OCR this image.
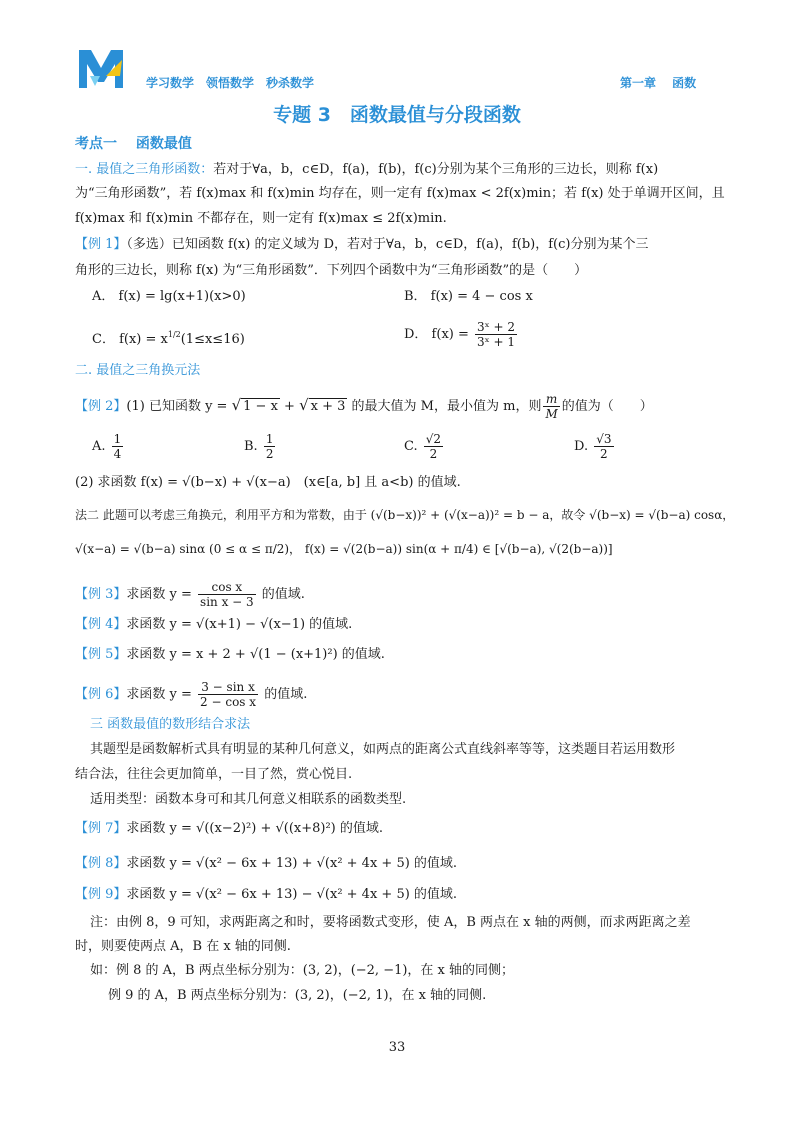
学习数学　领悟数学　秒杀数学	第一章　 函数
专题 3　函数最值与分段函数
考点一　 函数最值
一. 最值之三角形函数：若对于∀a，b，c∈D，f(a)，f(b)，f(c)分别为某个三角形的三边长，则称 f(x)
为“三角形函数”，若 f(x)max 和 f(x)min 均存在，则一定有 f(x)max < 2f(x)min；若 f(x) 处于单调开区间，且
f(x)max 和 f(x)min 不都存在，则一定有 f(x)max ≤ 2f(x)min.
【例 1】（多选）已知函数 f(x) 的定义域为 D，若对于∀a，b，c∈D，f(a)，f(b)，f(c)分别为某个三
角形的三边长，则称 f(x) 为“三角形函数”．下列四个函数中为“三角形函数”的是（　　）
A． f(x) = lg(x+1)(x>0)	B． f(x) = 4 − cos x
C． $f(x) = x^{1/2}(1\le x\le 16)$	D． $f(x) = \frac{\text{3ˣ + 2}}{\text{3ˣ + 1}}$
二. 最值之三角换元法
【例 2】(1) 已知函数 y = √ 1 − x + √ x + 3 的最大值为 M，最小值为 m，则 $\frac{m}{M}$ 的值为（　　）
A. $\frac{1}{4}$	B. $\frac{1}{2}$	C. $\frac{√2}{2}$	D. $\frac{√3}{2}$
(2) 求函数 f(x) = √(b−x) + √(x−a)　(x∈[a, b] 且 a<b) 的值域.
法二 此题可以考虑三角换元，利用平方和为常数，由于 (√(b−x))² + (√(x−a))² = b − a，故令 √(b−x) = √(b−a) cosα，
√(x−a) = √(b−a) sinα (0 ≤ α ≤ π/2)， f(x) = √(2(b−a)) sin(α + π/4) ∈ [√(b−a), √(2(b−a))]
【例 3】求函数 $y = \frac{\text{cos x}}{\text{sin x − 3}}$ 的值域.
【例 4】求函数 y = √(x+1) − √(x−1) 的值域.
【例 5】求函数 y = x + 2 + √(1 − (x+1)²) 的值域.
【例 6】求函数 $y = \frac{\text{3 − sin x}}{\text{2 − cos x}}$ 的值域.
三 函数最值的数形结合求法
其题型是函数解析式具有明显的某种几何意义，如两点的距离公式直线斜率等等，这类题目若运用数形
结合法，往往会更加简单，一目了然，赏心悦目.
适用类型：函数本身可和其几何意义相联系的函数类型.
【例 7】求函数 y = √((x−2)²) + √((x+8)²) 的值域.
【例 8】求函数 y = √(x² − 6x + 13) + √(x² + 4x + 5) 的值域.
【例 9】求函数 y = √(x² − 6x + 13) − √(x² + 4x + 5) 的值域.
注：由例 8，9 可知，求两距离之和时，要将函数式变形，使 A，B 两点在 x 轴的两侧，而求两距离之差
时，则要使两点 A，B 在 x 轴的同侧.
如：例 8 的 A，B 两点坐标分别为：(3, 2)，(−2, −1)，在 x 轴的同侧；
例 9 的 A，B 两点坐标分别为：(3, 2)，(−2, 1)，在 x 轴的同侧.
33
